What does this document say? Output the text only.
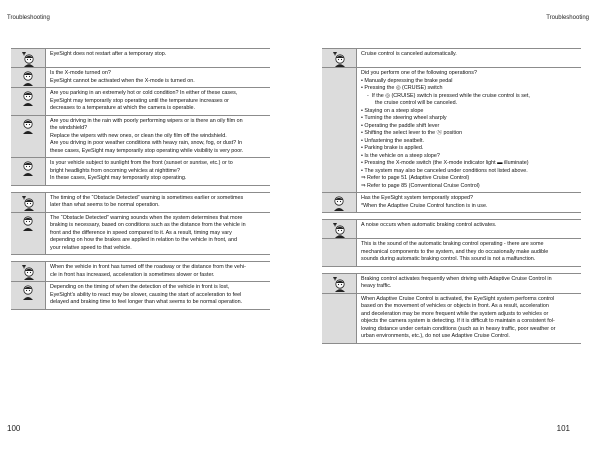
Troubleshooting	Troubleshooting
!	EyeSight does not restart after a temporary stop.
Is the X-mode turned on?
EyeSight cannot be activated when the X-mode is turned on.
Are you parking in an extremely hot or cold condition? In either of these cases,
EyeSight may temporarily stop operating until the temperature increases or
decreases to a temperature at which the camera is operable.
Are you driving in the rain with poorly performing wipers or is there an oily film on
the windshield?
Replace the wipers with new ones, or clean the oily film off the windshield.
Are you driving in poor weather conditions with heavy rain, snow, fog, or dust? In
these cases, EyeSight may temporarily stop operating while visibility is very poor.
Is your vehicle subject to sunlight from the front (sunset or sunrise, etc.) or to
bright headlights from oncoming vehicles at nighttime?
In these cases, EyeSight may temporarily stop operating.
!	The timing of the “Obstacle Detected” warning is sometimes earlier or sometimes
later than what seems to be normal operation.
The “Obstacle Detected” warning sounds when the system determines that more
braking is necessary, based on conditions such as the distance from the vehicle in
front and the difference in speed compared to it. As a result, timing may vary
depending on how the brakes are applied in relation to the vehicle in front, and
your relative speed to that vehicle.
!	When the vehicle in front has turned off the roadway or the distance from the vehi-
cle in front has increased, acceleration is sometimes slower or faster.
Depending on the timing of when the detection of the vehicle in front is lost,
EyeSight’s ability to react may be slower, causing the start of acceleration to feel
delayed and braking time to feel longer than what seems to be normal operation.
!	Cruise control is canceled automatically.
Did you perform one of the following operations?
• Manually depressing the brake pedal
• Pressing the ◎ (CRUISE) switch
-  If the ◎ (CRUISE) switch is pressed while the cruise control is set,
the cruise control will be canceled.
• Staying on a steep slope
• Turning the steering wheel sharply
• Operating the paddle shift lever
• Shifting the select lever to the Ⓝ position
• Unfastening the seatbelt.
• Parking brake is applied.
• Is the vehicle on a steep slope?
• Pressing the X-mode switch (the X-mode indicator light ▬ illuminate)
• The system may also be canceled under conditions not listed above.
⇒ Refer to page 51 (Adaptive Cruise Control)
⇒ Refer to page 85 (Conventional Cruise Control)
Has the EyeSight system temporarily stopped?
*When the Adaptive Cruise Control function is in use.
!	A noise occurs when automatic braking control activates.
This is the sound of the automatic braking control operating - there are some
mechanical components to the system, and they do occasionally make audible
sounds during automatic braking control. This sound is not a malfunction.
!	Braking control activates frequently when driving with Adaptive Cruise Control in
heavy traffic.
When Adaptive Cruise Control is activated, the EyeSight system performs control
based on the movement of vehicles or objects in front. As a result, acceleration
and deceleration may be more frequent while the system adjusts to vehicles or
objects the camera system is detecting. If it is difficult to maintain a consistent fol-
lowing distance under certain conditions (such as in heavy traffic, poor weather or
urban environments, etc.), do not use Adaptive Cruise Control.
100	101
